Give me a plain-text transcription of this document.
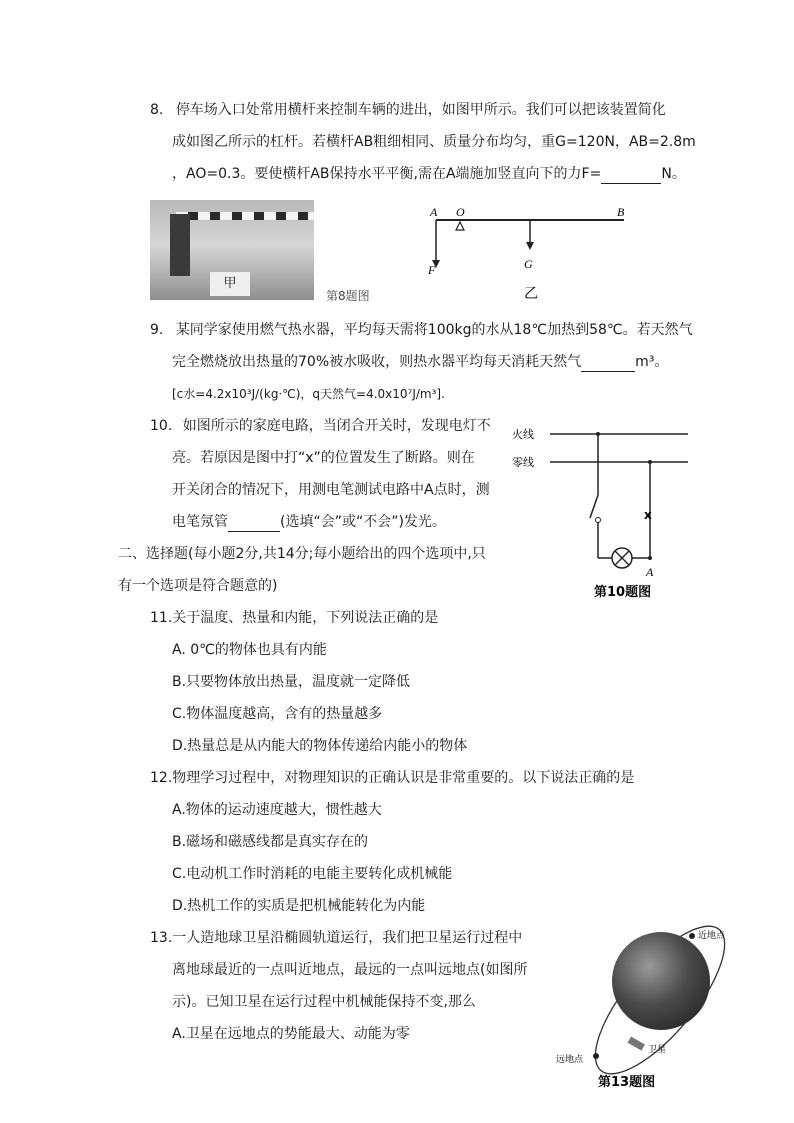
8. 停车场入口处常用横杆来控制车辆的进出，如图甲所示。我们可以把该装置简化
成如图乙所示的杠杆。若横杆AB粗细相同、质量分布均匀，重G=120N，AB=2.8m
，AO=0.3。要使横杆AB保持水平平衡,需在A端施加竖直向下的力F=	N。
甲
第8题图
A O	B
F	G
乙
9. 某同学家使用燃气热水器，平均每天需将100kg的水从18℃加热到58℃。若天然气
完全燃烧放出热量的70%被水吸收，则热水器平均每天消耗天然气	m³。
[c水=4.2x10³J/(kg·℃)，q天然气=4.0x10⁷J/m³].
10. 如图所示的家庭电路，当闭合开关时，发现电灯不
亮。若原因是图中打“x”的位置发生了断路。则在
开关闭合的情况下，用测电笔测试电路中A点时，测
电笔氖管	(选填“会”或“不会”)发光。
火线
零线
x
A
第10题图
二、选择题(每小题2分,共14分;每小题给出的四个选项中,只
有一个选项是符合题意的)
11.关于温度、热量和内能，下列说法正确的是
A. 0℃的物体也具有内能
B.只要物体放出热量，温度就一定降低
C.物体温度越高，含有的热量越多
D.热量总是从内能大的物体传递给内能小的物体
12.物理学习过程中，对物理知识的正确认识是非常重要的。以下说法正确的是
A.物体的运动速度越大，惯性越大
B.磁场和磁感线都是真实存在的
C.电动机工作时消耗的电能主要转化成机械能
D.热机工作的实质是把机械能转化为内能
13.一人造地球卫星沿椭圆轨道运行，我们把卫星运行过程中
离地球最近的一点叫近地点，最远的一点叫远地点(如图所
示)。已知卫星在运行过程中机械能保持不变,那么
A.卫星在远地点的势能最大、动能为零
近地点
远地点
卫星
第13题图
